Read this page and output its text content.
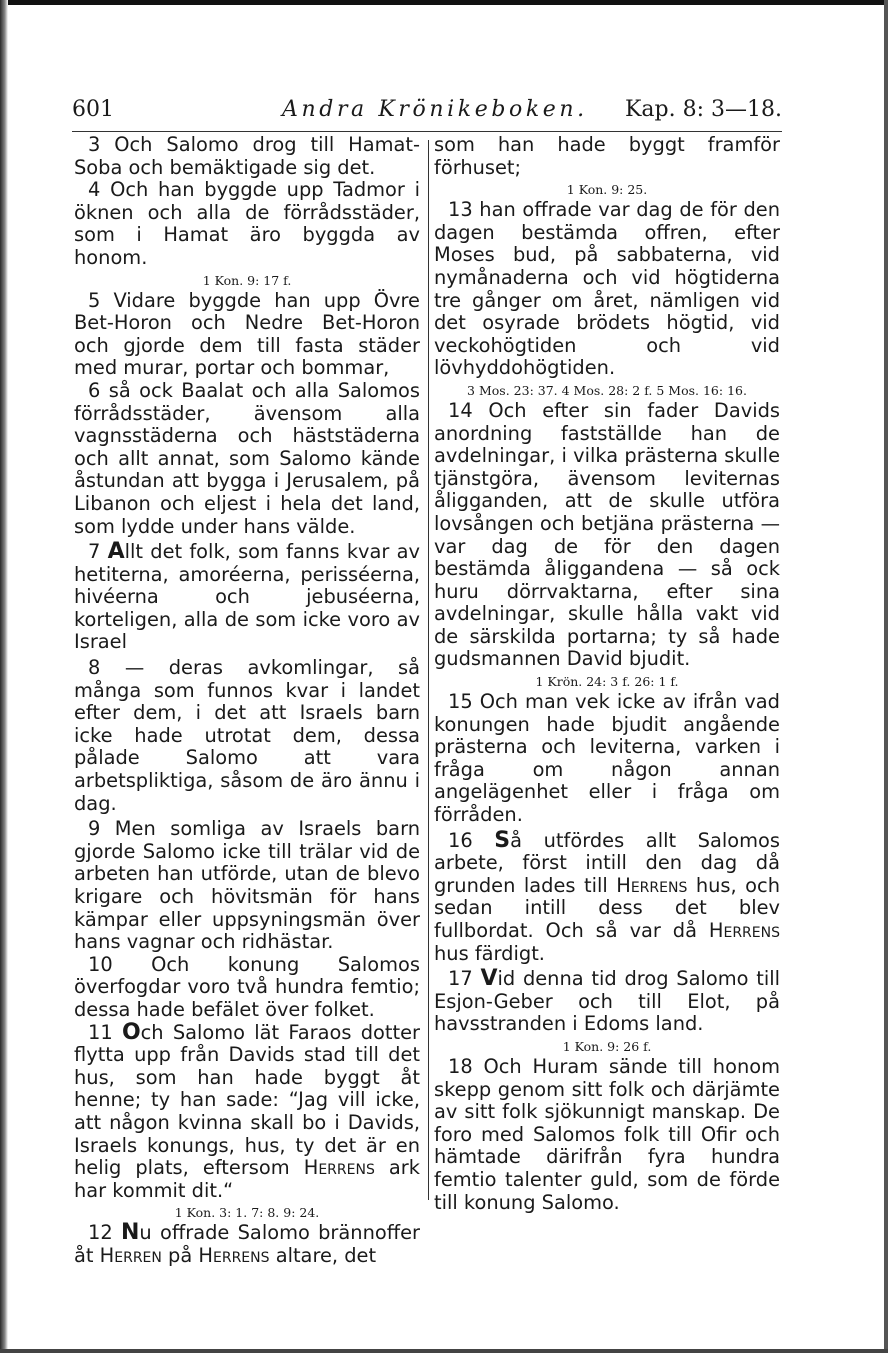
601	Andra Krönikeboken. Kap. 8: 3—18.

3 Och Salomo drog till Hamat-Soba och bemäktigade sig det.

4 Och han byggde upp Tadmor i öknen och alla de förrådsstäder, som i Hamat äro byggda av honom.

1 Kon. 9: 17 f.

5 Vidare byggde han upp Övre Bet-Horon och Nedre Bet-Horon och gjorde dem till fasta städer med murar, portar och bommar,

6 så ock Baalat och alla Salomos förrådsstäder, ävensom alla vagnsstäderna och häststäderna och allt annat, som Salomo kände åstundan att bygga i Jerusalem, på Libanon och eljest i hela det land, som lydde under hans välde.

7 Allt det folk, som fanns kvar av hetiterna, amoréerna, perisséerna, hivéerna och jebuséerna, korteligen, alla de som icke voro av Israel

8 — deras avkomlingar, så många som funnos kvar i landet efter dem, i det att Israels barn icke hade utrotat dem, dessa pålade Salomo att vara arbetspliktiga, såsom de äro ännu i dag.

9 Men somliga av Israels barn gjorde Salomo icke till trälar vid de arbeten han utförde, utan de blevo krigare och hövitsmän för hans kämpar eller uppsyningsmän över hans vagnar och ridhästar.

10 Och konung Salomos överfogdar voro två hundra femtio; dessa hade befälet över folket.

11 Och Salomo lät Faraos dotter flytta upp från Davids stad till det hus, som han hade byggt åt henne; ty han sade: “Jag vill icke, att någon kvinna skall bo i Davids, Israels konungs, hus, ty det är en helig plats, eftersom Herrens ark har kommit dit.“

1 Kon. 3: 1. 7: 8. 9: 24.

12 Nu offrade Salomo brännoffer åt Herren på Herrens altare, det

som han hade byggt framför förhuset;

1 Kon. 9: 25.

13 han offrade var dag de för den dagen bestämda offren, efter Moses bud, på sabbaterna, vid nymånaderna och vid högtiderna tre gånger om året, nämligen vid det osyrade brödets högtid, vid veckohögtiden och vid lövhyddohögtiden.

3 Mos. 23: 37. 4 Mos. 28: 2 f. 5 Mos. 16: 16.

14 Och efter sin fader Davids anordning fastställde han de avdelningar, i vilka prästerna skulle tjänstgöra, ävensom leviternas åligganden, att de skulle utföra lovsången och betjäna prästerna — var dag de för den dagen bestämda åliggandena — så ock huru dörrvaktarna, efter sina avdelningar, skulle hålla vakt vid de särskilda portarna; ty så hade gudsmannen David bjudit.

1 Krön. 24: 3 f. 26: 1 f.

15 Och man vek icke av ifrån vad konungen hade bjudit angående prästerna och leviterna, varken i fråga om någon annan angelägenhet eller i fråga om förråden.

16 Så utfördes allt Salomos arbete, först intill den dag då grunden lades till Herrens hus, och sedan intill dess det blev fullbordat. Och så var då Herrens hus färdigt.

17 Vid denna tid drog Salomo till Esjon-Geber och till Elot, på havsstranden i Edoms land.

1 Kon. 9: 26 f.

18 Och Huram sände till honom skepp genom sitt folk och därjämte av sitt folk sjökunnigt manskap. De foro med Salomos folk till Ofir och hämtade därifrån fyra hundra femtio talenter guld, som de förde till konung Salomo.
